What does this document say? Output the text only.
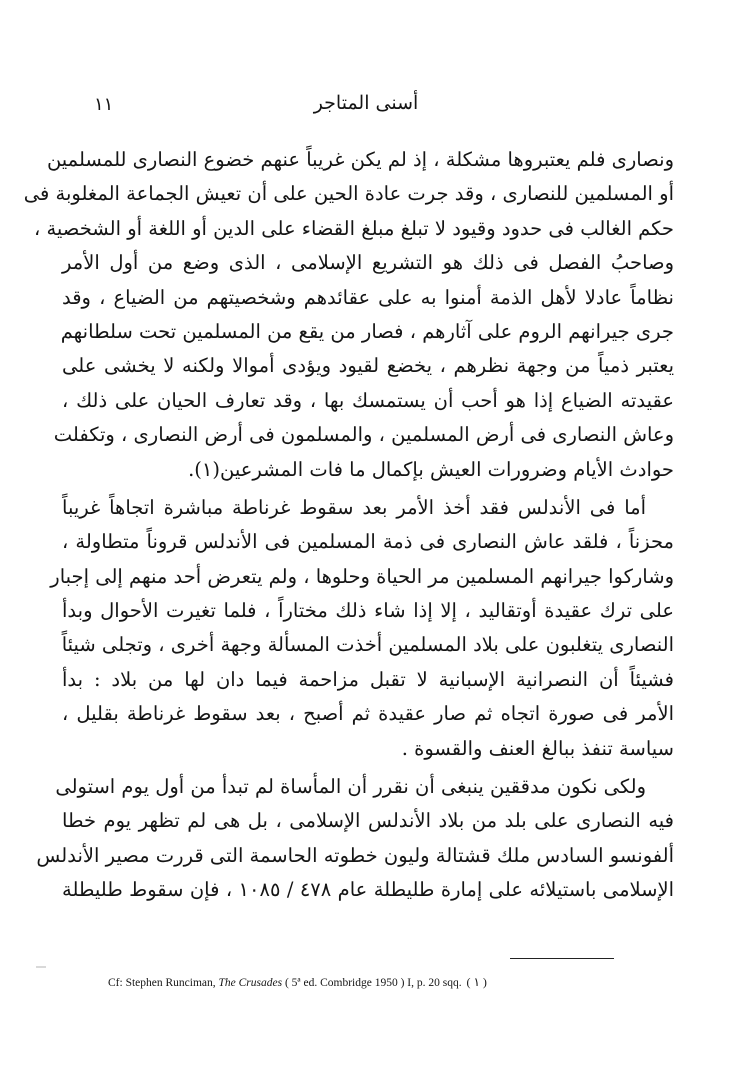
١١	أسنى المتاجر
ونصارى فلم يعتبروها مشكلة ، إذ لم يكن غريباً عنهم خضوع النصارى للمسلمين
أو المسلمين للنصارى ، وقد جرت عادة الحين على أن تعيش الجماعة المغلوبة فى
حكم الغالب فى حدود وقيود لا تبلغ مبلغ القضاء على الدين أو اللغة أو الشخصية ،
وصاحبُ الفصل فى ذلك هو التشريع الإسلامى ، الذى وضع من أول الأمر
نظاماً عادلا لأهل الذمة أمنوا به على عقائدهم وشخصيتهم من الضياع ، وقد
جرى جيرانهم الروم على آثارهم ، فصار من يقع من المسلمين تحت سلطانهم
يعتبر ذمياً من وجهة نظرهم ، يخضع لقيود ويؤدى أموالا ولكنه لا يخشى على
عقيدته الضياع إذا هو أحب أن يستمسك بها ، وقد تعارف الحيان على ذلك ،
وعاش النصارى فى أرض المسلمين ، والمسلمون فى أرض النصارى ، وتكفلت
حوادث الأيام وضرورات العيش بإكمال ما فات المشرعين(١).
أما فى الأندلس فقد أخذ الأمر بعد سقوط غرناطة مباشرة اتجاهاً غريباً
محزناً ، فلقد عاش النصارى فى ذمة المسلمين فى الأندلس قروناً متطاولة ،
وشاركوا جيرانهم المسلمين مر الحياة وحلوها ، ولم يتعرض أحد منهم إلى إجبار
على ترك عقيدة أوتقاليد ، إلا إذا شاء ذلك مختاراً ، فلما تغيرت الأحوال وبدأ
النصارى يتغلبون على بلاد المسلمين أخذت المسألة وجهة أخرى ، وتجلى شيئاً
فشيئاً أن النصرانية الإسبانية لا تقبل مزاحمة فيما دان لها من بلاد : بدأ
الأمر فى صورة اتجاه ثم صار عقيدة ثم أصبح ، بعد سقوط غرناطة بقليل ،
سياسة تنفذ ببالغ العنف والقسوة .
ولكى نكون مدققين ينبغى أن نقرر أن المأساة لم تبدأ من أول يوم استولى
فيه النصارى على بلد من بلاد الأندلس الإسلامى ، بل هى لم تظهر يوم خطا
ألفونسو السادس ملك قشتالة وليون خطوته الحاسمة التى قررت مصير الأندلس
الإسلامى باستيلائه على إمارة طليطلة عام ٤٧٨ / ١٠٨٥ ، فإن سقوط طليطلة
Cf: Stephen Runciman, The Crusades ( 5ª ed. Combridge 1950 ) I, p. 20 sqq. ( ١ )
